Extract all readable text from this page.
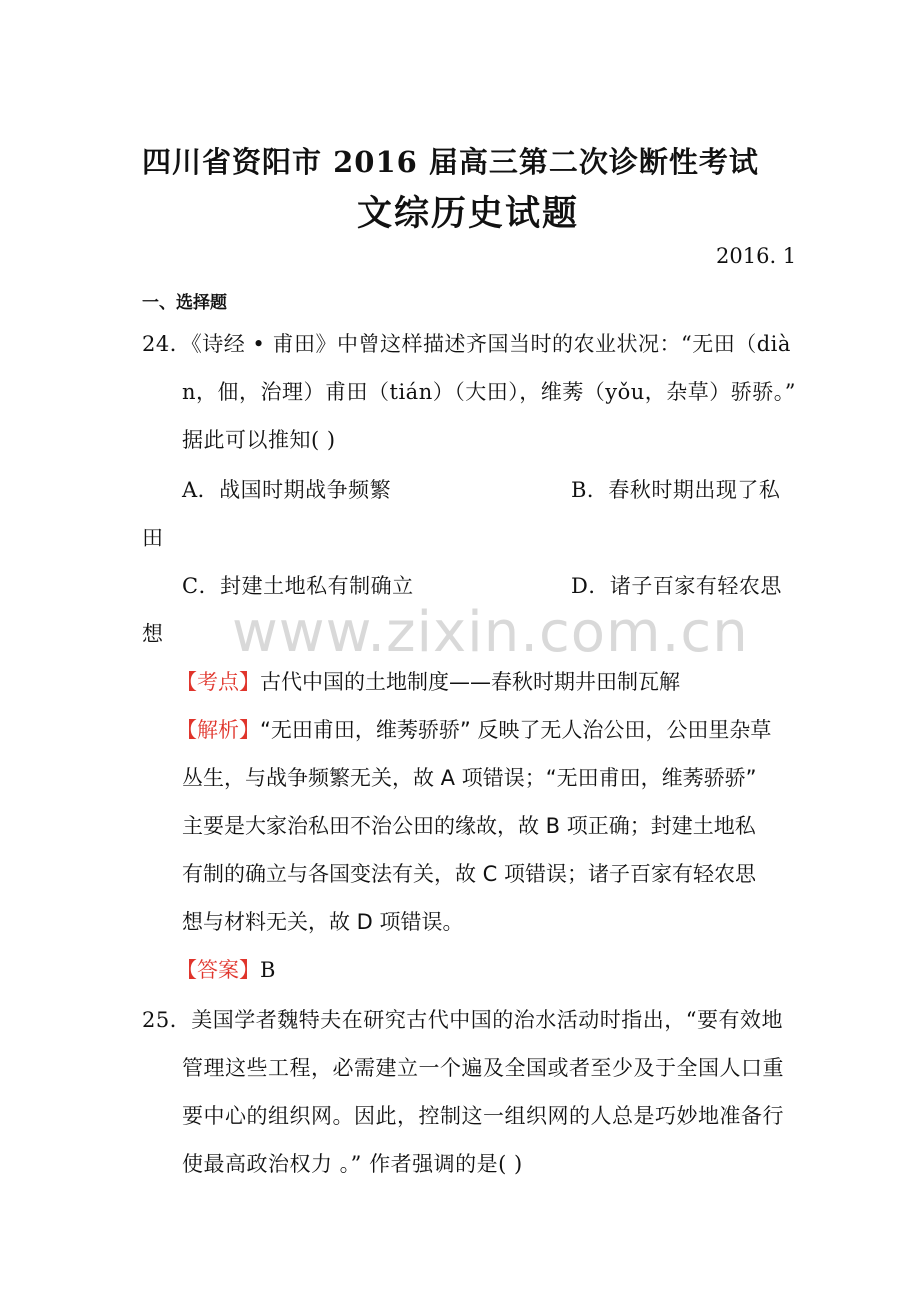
四川省资阳市 2016 届高三第二次诊断性考试
文综历史试题
2016. 1
一、选择题
24．《诗经 • 甫田》中曾这样描述齐国当时的农业状况：“无田（dià
n，佃，治理）甫田（tián）（大田），维莠（yǒu，杂草）骄骄。”
据此可以推知( )
A．战国时期战争频繁	B．春秋时期出现了私
田
C．封建土地私有制确立	D．诸子百家有轻农思
想 www.zixin.com.cn
【考点】古代中国的土地制度——春秋时期井田制瓦解
【解析】“无田甫田，维莠骄骄” 反映了无人治公田，公田里杂草
丛生，与战争频繁无关，故 A 项错误；“无田甫田，维莠骄骄”
主要是大家治私田不治公田的缘故，故 B 项正确；封建土地私
有制的确立与各国变法有关，故 C 项错误；诸子百家有轻农思
想与材料无关，故 D 项错误。
【答案】B
25．美国学者魏特夫在研究古代中国的治水活动时指出，“要有效地
管理这些工程，必需建立一个遍及全国或者至少及于全国人口重
要中心的组织网。因此，控制这一组织网的人总是巧妙地准备行
使最高政治权力 。” 作者强调的是( )
